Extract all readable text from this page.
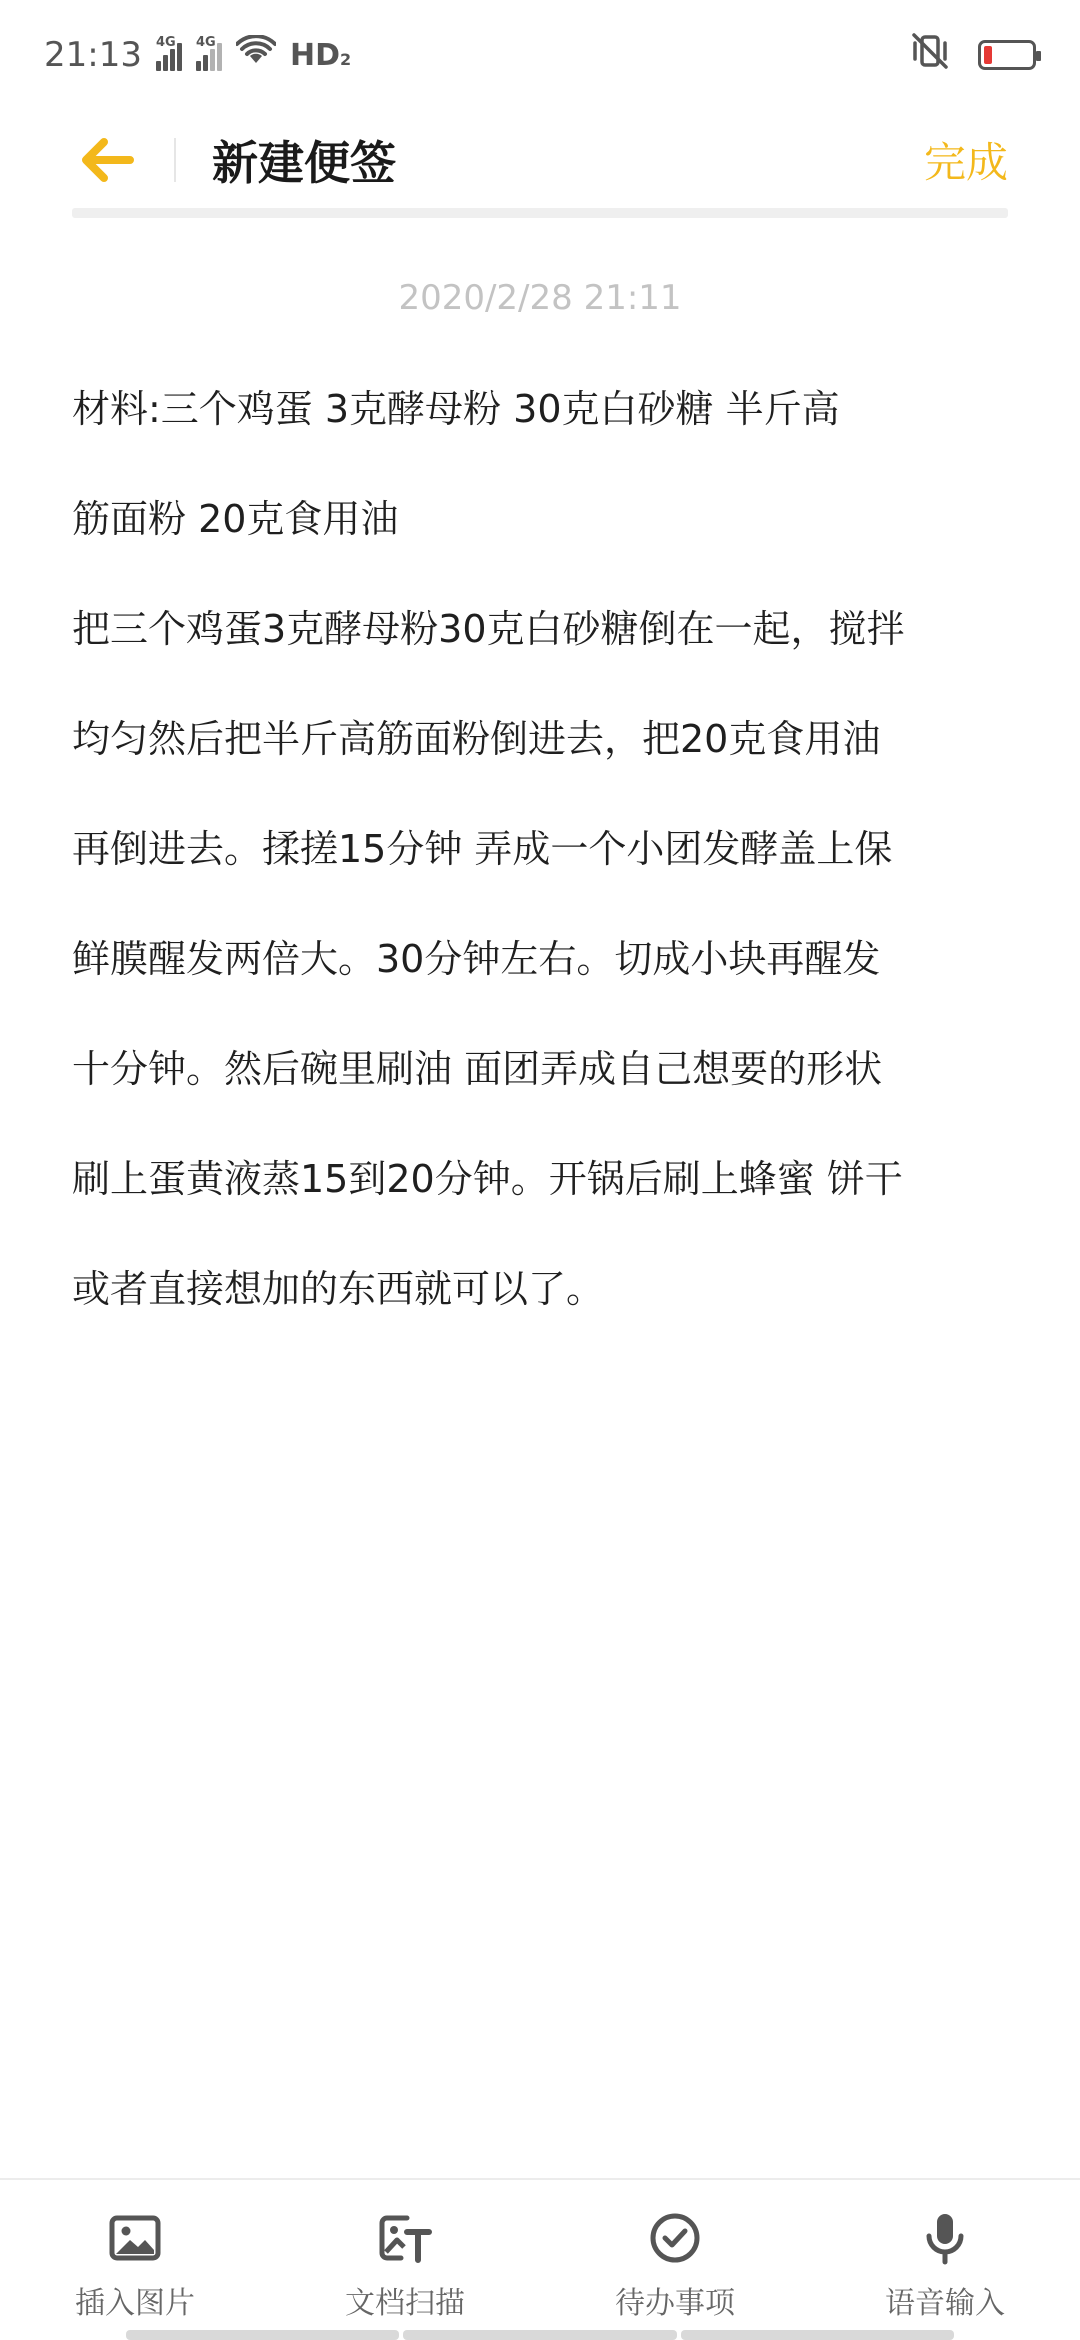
21:13 4G 4G HD2
新建便签	完成
2020/2/28 21:11
材料:三个鸡蛋 3克酵母粉 30克白砂糖 半斤高
筋面粉 20克食用油
把三个鸡蛋3克酵母粉30克白砂糖倒在一起，搅拌
均匀然后把半斤高筋面粉倒进去，把20克食用油
再倒进去。揉搓15分钟 弄成一个小团发酵盖上保
鲜膜醒发两倍大。30分钟左右。切成小块再醒发
十分钟。然后碗里刷油 面团弄成自己想要的形状
刷上蛋黄液蒸15到20分钟。开锅后刷上蜂蜜 饼干
或者直接想加的东西就可以了。
插入图片	文档扫描	待办事项	语音输入
